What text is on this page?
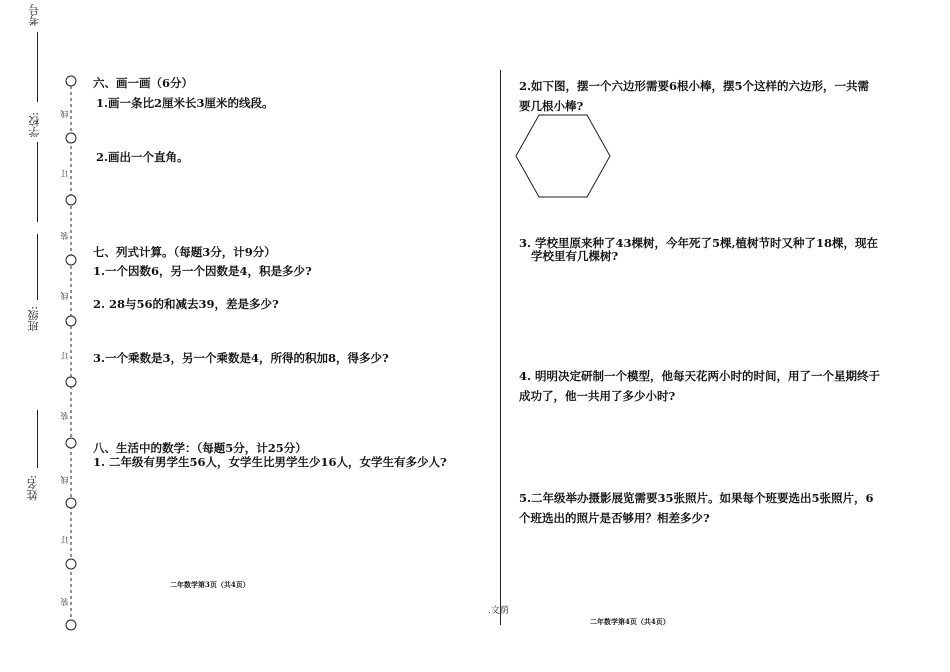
考号
学校:
班级:
姓名:
线
订
装
线
订
装
线
订
装
六、画一画（6分）
1.画一条比2厘米长3厘米的线段。
2.画出一个直角。
七、列式计算。（每题3分，计9分）
1.一个因数6，另一个因数是4，积是多少?
2. 28与56的和减去39，差是多少?
3.一个乘数是3，另一个乘数是4，所得的积加8，得多少?
八、生活中的数学：（每题5分，计25分）
1. 二年级有男学生56人，女学生比男学生少16人，女学生有多少人?
二年数学第3页（共4页）
.文荫
2.如下图，摆一个六边形需要6根小棒，摆5个这样的六边形，一共需
要几根小棒?
3. 学校里原来种了43棵树，今年死了5棵,植树节时又种了18棵，现在
学校里有几棵树?
4. 明明决定研制一个模型，他每天花两小时的时间，用了一个星期终于
成功了，他一共用了多少小时?
5.二年级举办摄影展览需要35张照片。如果每个班要选出5张照片，6
个班选出的照片是否够用？相差多少?
二年数学第4页（共4页）
